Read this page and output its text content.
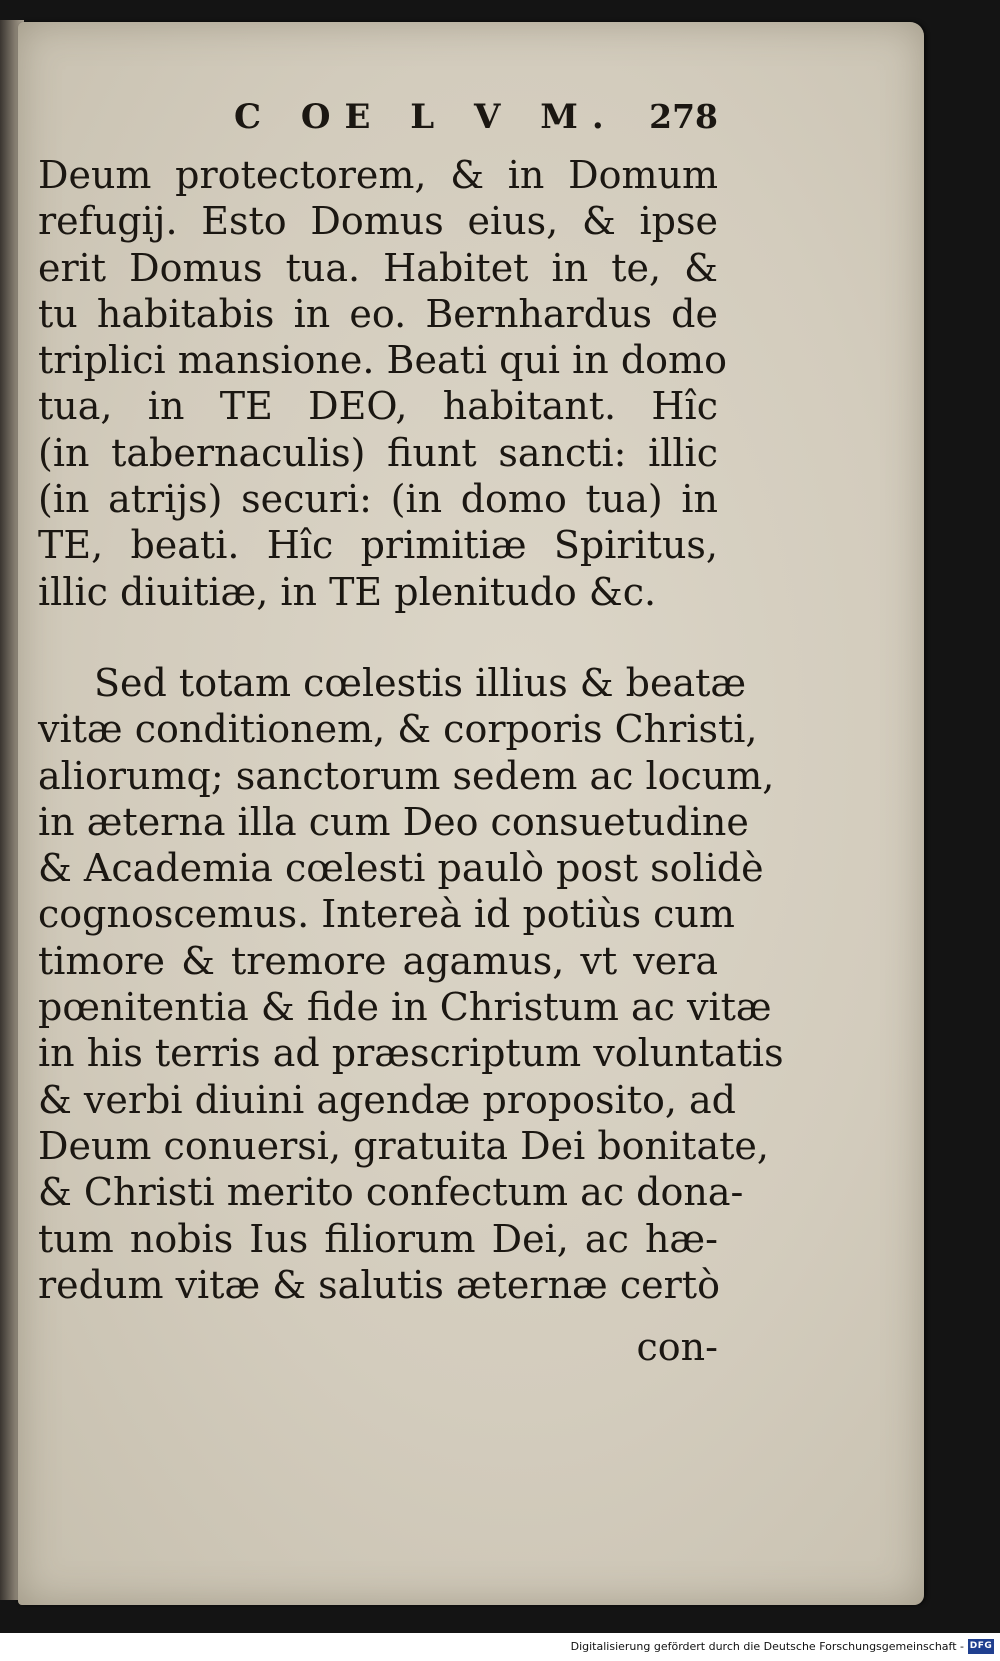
C OE L V M. 278
Deum protectorem, & in Domum
refugij. Esto Domus eius, & ipse
erit Domus tua. Habitet in te, &
tu habitabis in eo. Bernhardus de
triplici mansione. Beati qui in domo
tua, in TE DEO, habitant. Hîc
(in tabernaculis) fiunt sancti: illic
(in atrijs) securi: (in domo tua) in
TE, beati. Hîc primitiæ Spiritus,
illic diuitiæ, in TE plenitudo &c.
Sed totam cœlestis illius & beatæ
vitæ conditionem, & corporis Christi,
aliorumq; sanctorum sedem ac locum,
in æterna illa cum Deo consuetudine
& Academia cœlesti paulò post solidè
cognoscemus. Intereà id potiùs cum
timore & tremore agamus, vt vera
pœnitentia & fide in Christum ac vitæ
in his terris ad præscriptum voluntatis
& verbi diuini agendæ proposito, ad
Deum conuersi, gratuita Dei bonitate,
& Christi merito confectum ac dona-
tum nobis Ius filiorum Dei, ac hæ-
redum vitæ & salutis æternæ certò
con-
Digitalisierung gefördert durch die Deutsche Forschungsgemeinschaft - DFG
